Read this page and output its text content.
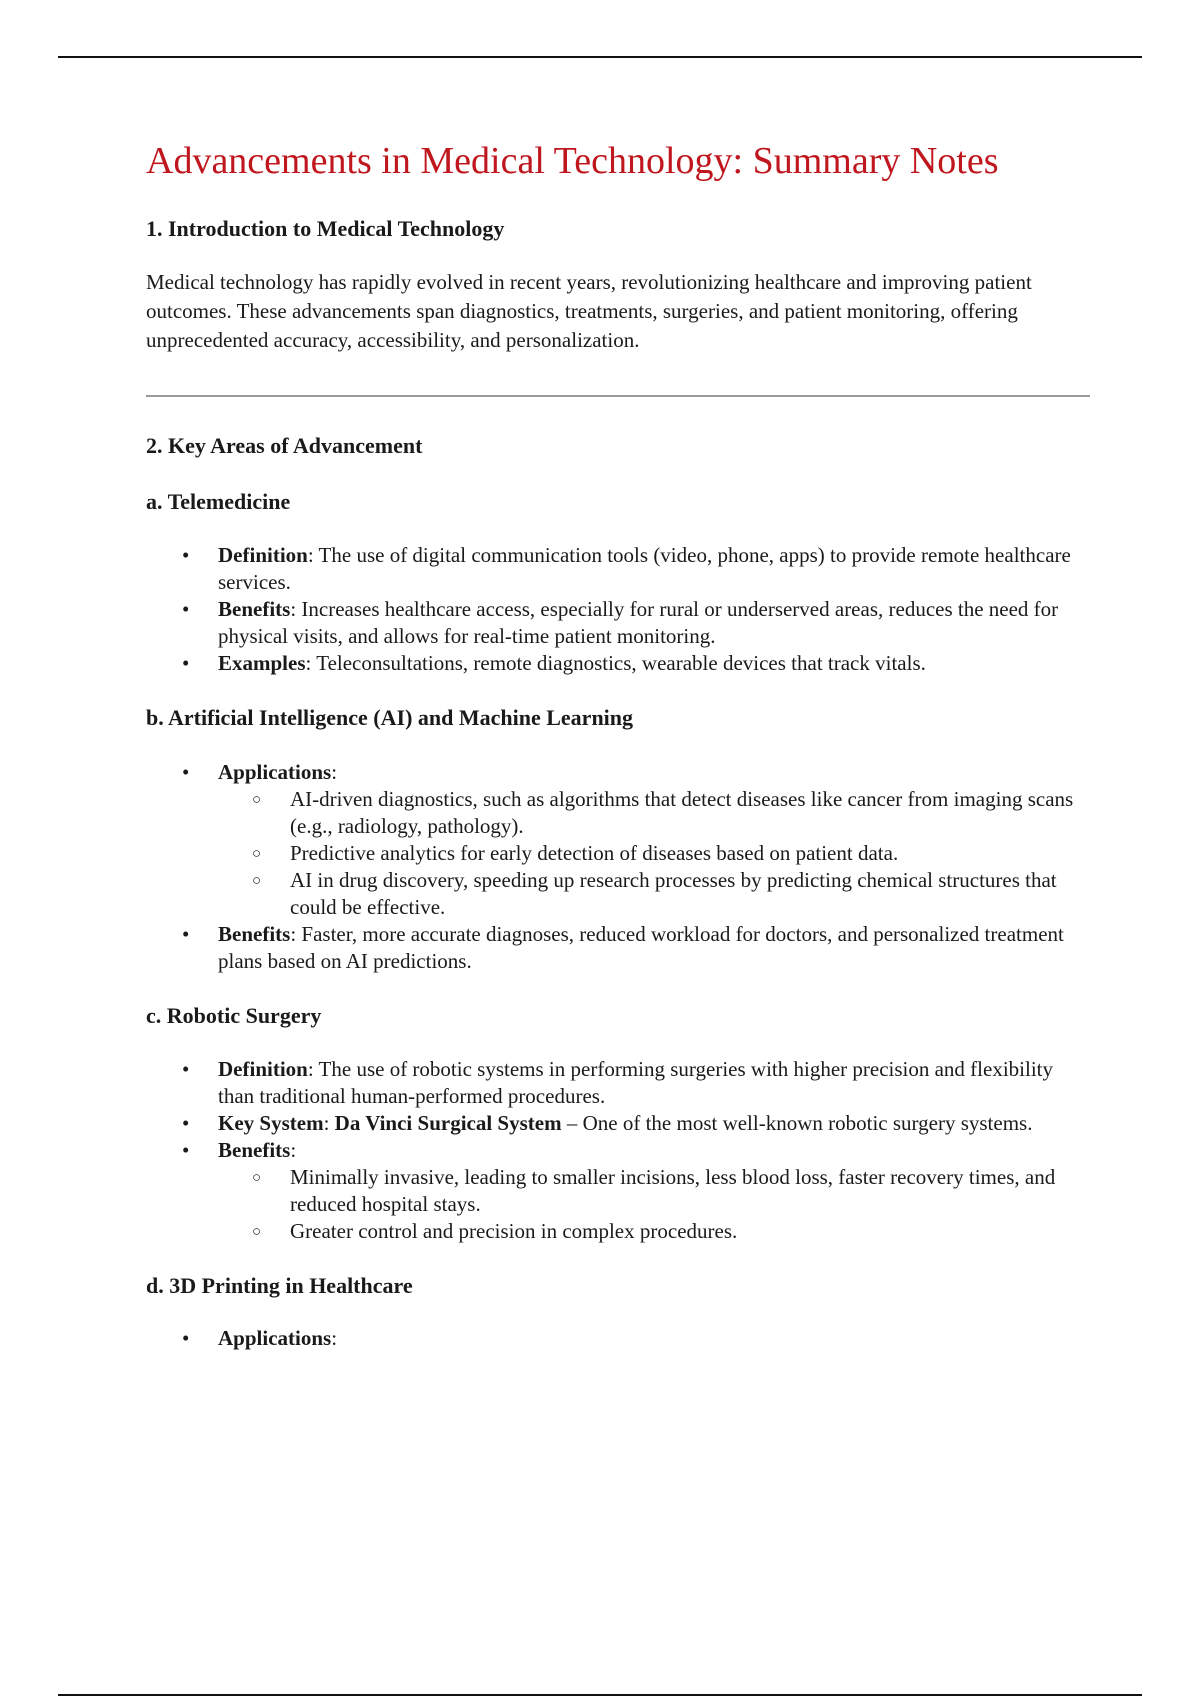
Advancements in Medical Technology: Summary Notes
1. Introduction to Medical Technology

Medical technology has rapidly evolved in recent years, revolutionizing healthcare and improving patient outcomes. These advancements span diagnostics, treatments, surgeries, and patient monitoring, offering unprecedented accuracy, accessibility, and personalization.

2. Key Areas of Advancement
a. Telemedicine
• Definition: The use of digital communication tools (video, phone, apps) to provide remote healthcare services.
• Benefits: Increases healthcare access, especially for rural or underserved areas, reduces the need for physical visits, and allows for real-time patient monitoring.
• Examples: Teleconsultations, remote diagnostics, wearable devices that track vitals.
b. Artificial Intelligence (AI) and Machine Learning
• Applications:
○ AI-driven diagnostics, such as algorithms that detect diseases like cancer from imaging scans (e.g., radiology, pathology).
○ Predictive analytics for early detection of diseases based on patient data.
○ AI in drug discovery, speeding up research processes by predicting chemical structures that could be effective.
• Benefits: Faster, more accurate diagnoses, reduced workload for doctors, and personalized treatment plans based on AI predictions.
c. Robotic Surgery
• Definition: The use of robotic systems in performing surgeries with higher precision and flexibility than traditional human-performed procedures.
• Key System: Da Vinci Surgical System – One of the most well-known robotic surgery systems.
• Benefits:
○ Minimally invasive, leading to smaller incisions, less blood loss, faster recovery times, and reduced hospital stays.
○ Greater control and precision in complex procedures.
d. 3D Printing in Healthcare
• Applications:
